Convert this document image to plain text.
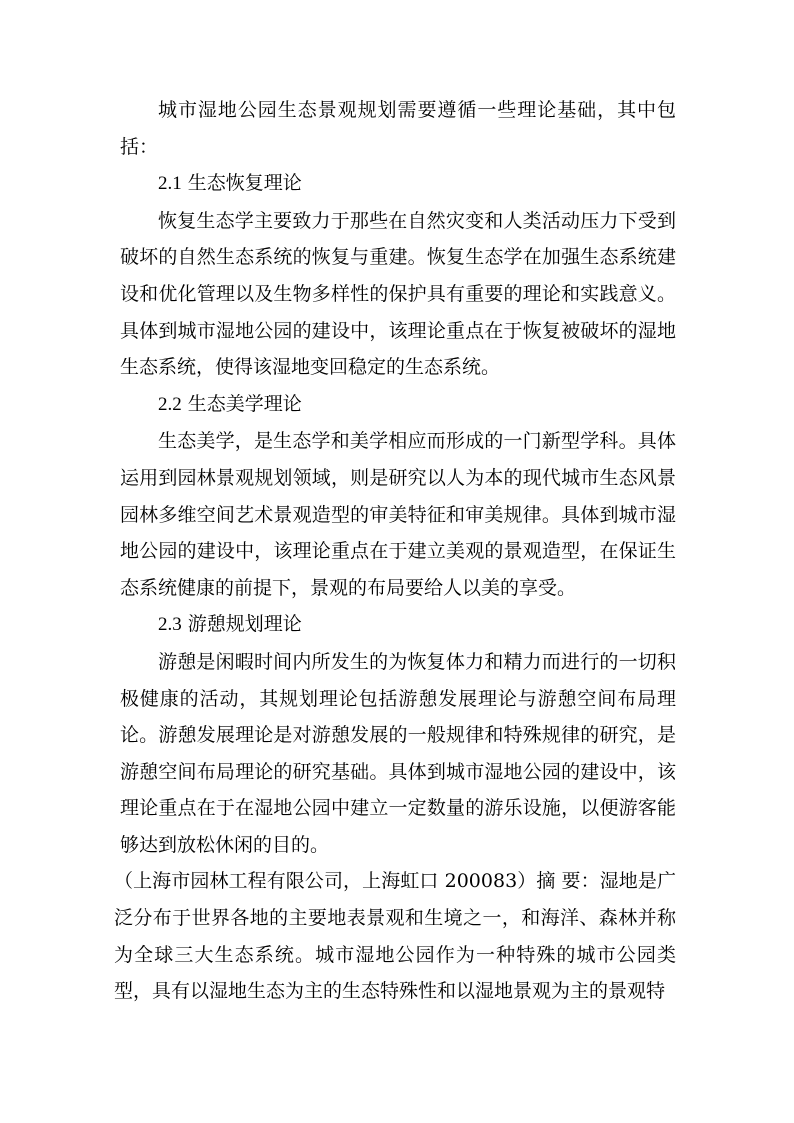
城市湿地公园生态景观规划需要遵循一些理论基础，其中包括：

2.1 生态恢复理论

恢复生态学主要致力于那些在自然灾变和人类活动压力下受到破坏的自然生态系统的恢复与重建。恢复生态学在加强生态系统建设和优化管理以及生物多样性的保护具有重要的理论和实践意义。具体到城市湿地公园的建设中，该理论重点在于恢复被破坏的湿地生态系统，使得该湿地变回稳定的生态系统。

2.2 生态美学理论

生态美学，是生态学和美学相应而形成的一门新型学科。具体运用到园林景观规划领域，则是研究以人为本的现代城市生态风景园林多维空间艺术景观造型的审美特征和审美规律。具体到城市湿地公园的建设中，该理论重点在于建立美观的景观造型，在保证生态系统健康的前提下，景观的布局要给人以美的享受。

2.3 游憩规划理论

游憩是闲暇时间内所发生的为恢复体力和精力而进行的一切积极健康的活动，其规划理论包括游憩发展理论与游憩空间布局理论。游憩发展理论是对游憩发展的一般规律和特殊规律的研究，是游憩空间布局理论的研究基础。具体到城市湿地公园的建设中，该理论重点在于在湿地公园中建立一定数量的游乐设施，以便游客能够达到放松休闲的目的。

（上海市园林工程有限公司，上海虹口 200083）摘 要：湿地是广泛分布于世界各地的主要地表景观和生境之一，和海洋、森林并称为全球三大生态系统。城市湿地公园作为一种特殊的城市公园类型，具有以湿地生态为主的生态特殊性和以湿地景观为主的景观特
